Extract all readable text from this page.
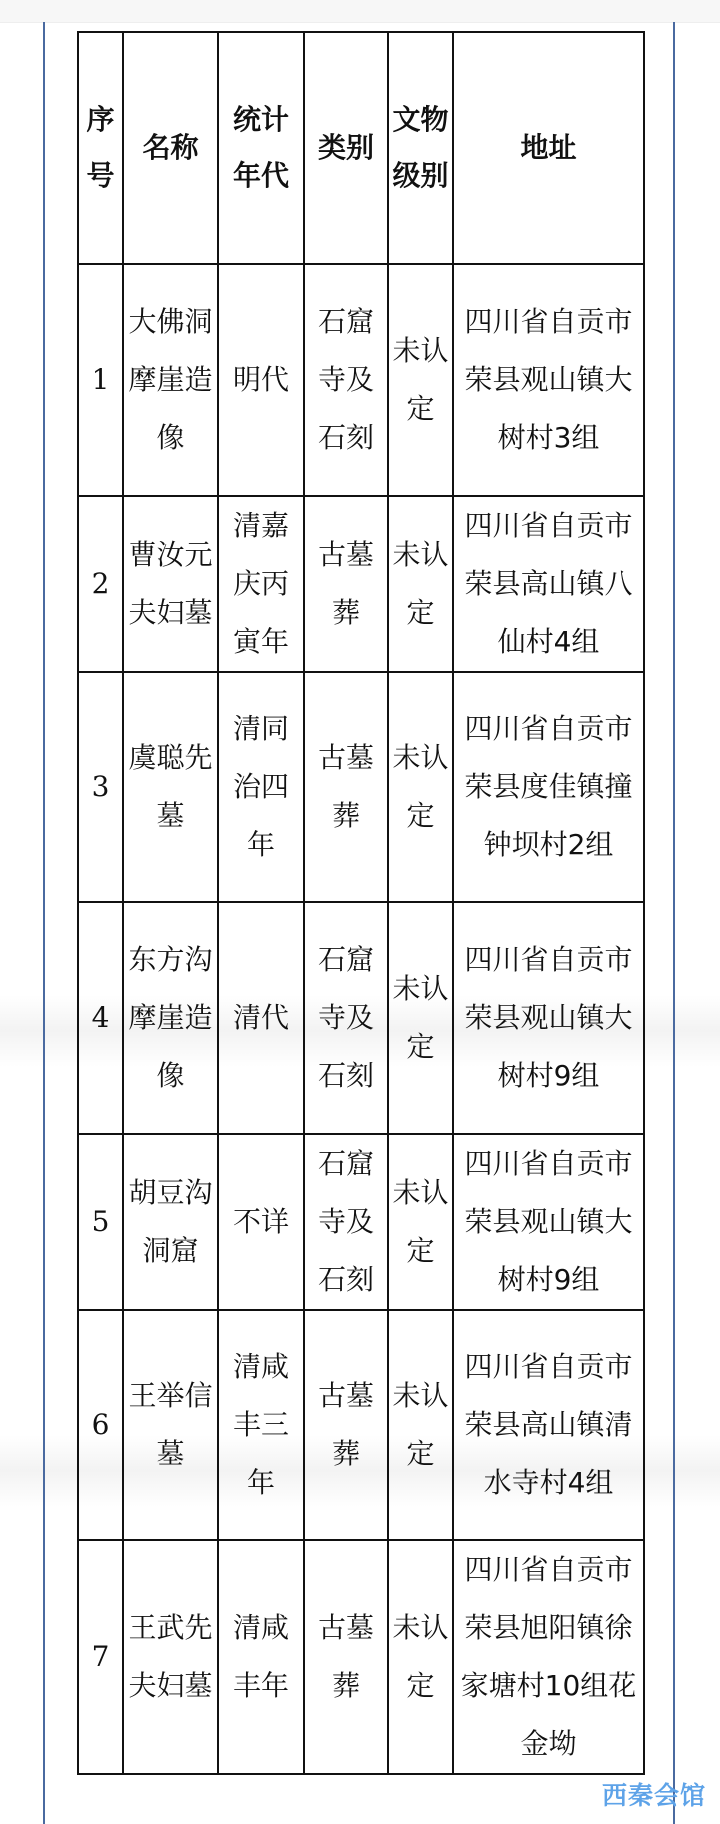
序号	名称	统计年代	类别	文物级别	地址
1	大佛洞摩崖造像	明代	石窟寺及石刻	未认定	四川省自贡市荣县观山镇大树村3组
2	曹汝元夫妇墓	清嘉庆丙寅年	古墓葬	未认定	四川省自贡市荣县高山镇八仙村4组
3	虞聪先墓	清同治四年	古墓葬	未认定	四川省自贡市荣县度佳镇撞钟坝村2组
4	东方沟摩崖造像	清代	石窟寺及石刻	未认定	四川省自贡市荣县观山镇大树村9组
5	胡豆沟洞窟	不详	石窟寺及石刻	未认定	四川省自贡市荣县观山镇大树村9组
6	王举信墓	清咸丰三年	古墓葬	未认定	四川省自贡市荣县高山镇清水寺村4组
7	王武先夫妇墓	清咸丰年	古墓葬	未认定	四川省自贡市荣县旭阳镇徐家塘村10组花金坳
西秦会馆
